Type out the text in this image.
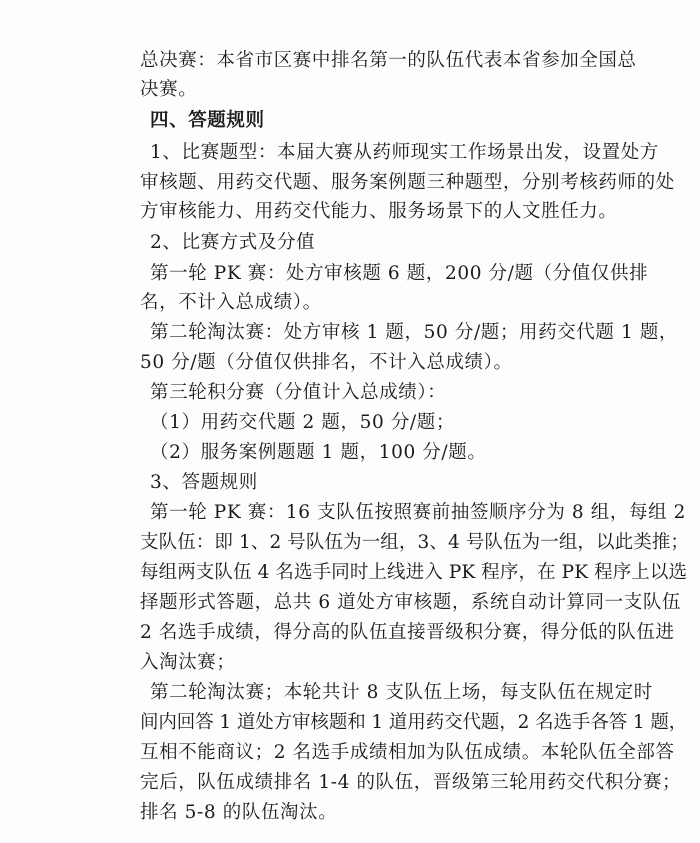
总决赛：本省市区赛中排名第一的队伍代表本省参加全国总
决赛。
四、答题规则
1、比赛题型：本届大赛从药师现实工作场景出发，设置处方
审核题、用药交代题、服务案例题三种题型，分别考核药师的处
方审核能力、用药交代能力、服务场景下的人文胜任力。
2、比赛方式及分值
第一轮 PK 赛：处方审核题 6 题，200 分/题（分值仅供排
名，不计入总成绩）。
第二轮淘汰赛：处方审核 1 题，50 分/题；用药交代题 1 题，
50 分/题（分值仅供排名，不计入总成绩）。
第三轮积分赛（分值计入总成绩）：
（1）用药交代题 2 题，50 分/题；
（2）服务案例题题 1 题，100 分/题。
3、答题规则
第一轮 PK 赛：16 支队伍按照赛前抽签顺序分为 8 组，每组 2
支队伍：即 1、2 号队伍为一组，3、4 号队伍为一组，以此类推；
每组两支队伍 4 名选手同时上线进入 PK 程序，在 PK 程序上以选
择题形式答题，总共 6 道处方审核题，系统自动计算同一支队伍
2 名选手成绩，得分高的队伍直接晋级积分赛，得分低的队伍进
入淘汰赛；
第二轮淘汰赛；本轮共计 8 支队伍上场，每支队伍在规定时
间内回答 1 道处方审核题和 1 道用药交代题，2 名选手各答 1 题，
互相不能商议；2 名选手成绩相加为队伍成绩。本轮队伍全部答
完后，队伍成绩排名 1-4 的队伍，晋级第三轮用药交代积分赛；
排名 5-8 的队伍淘汰。
